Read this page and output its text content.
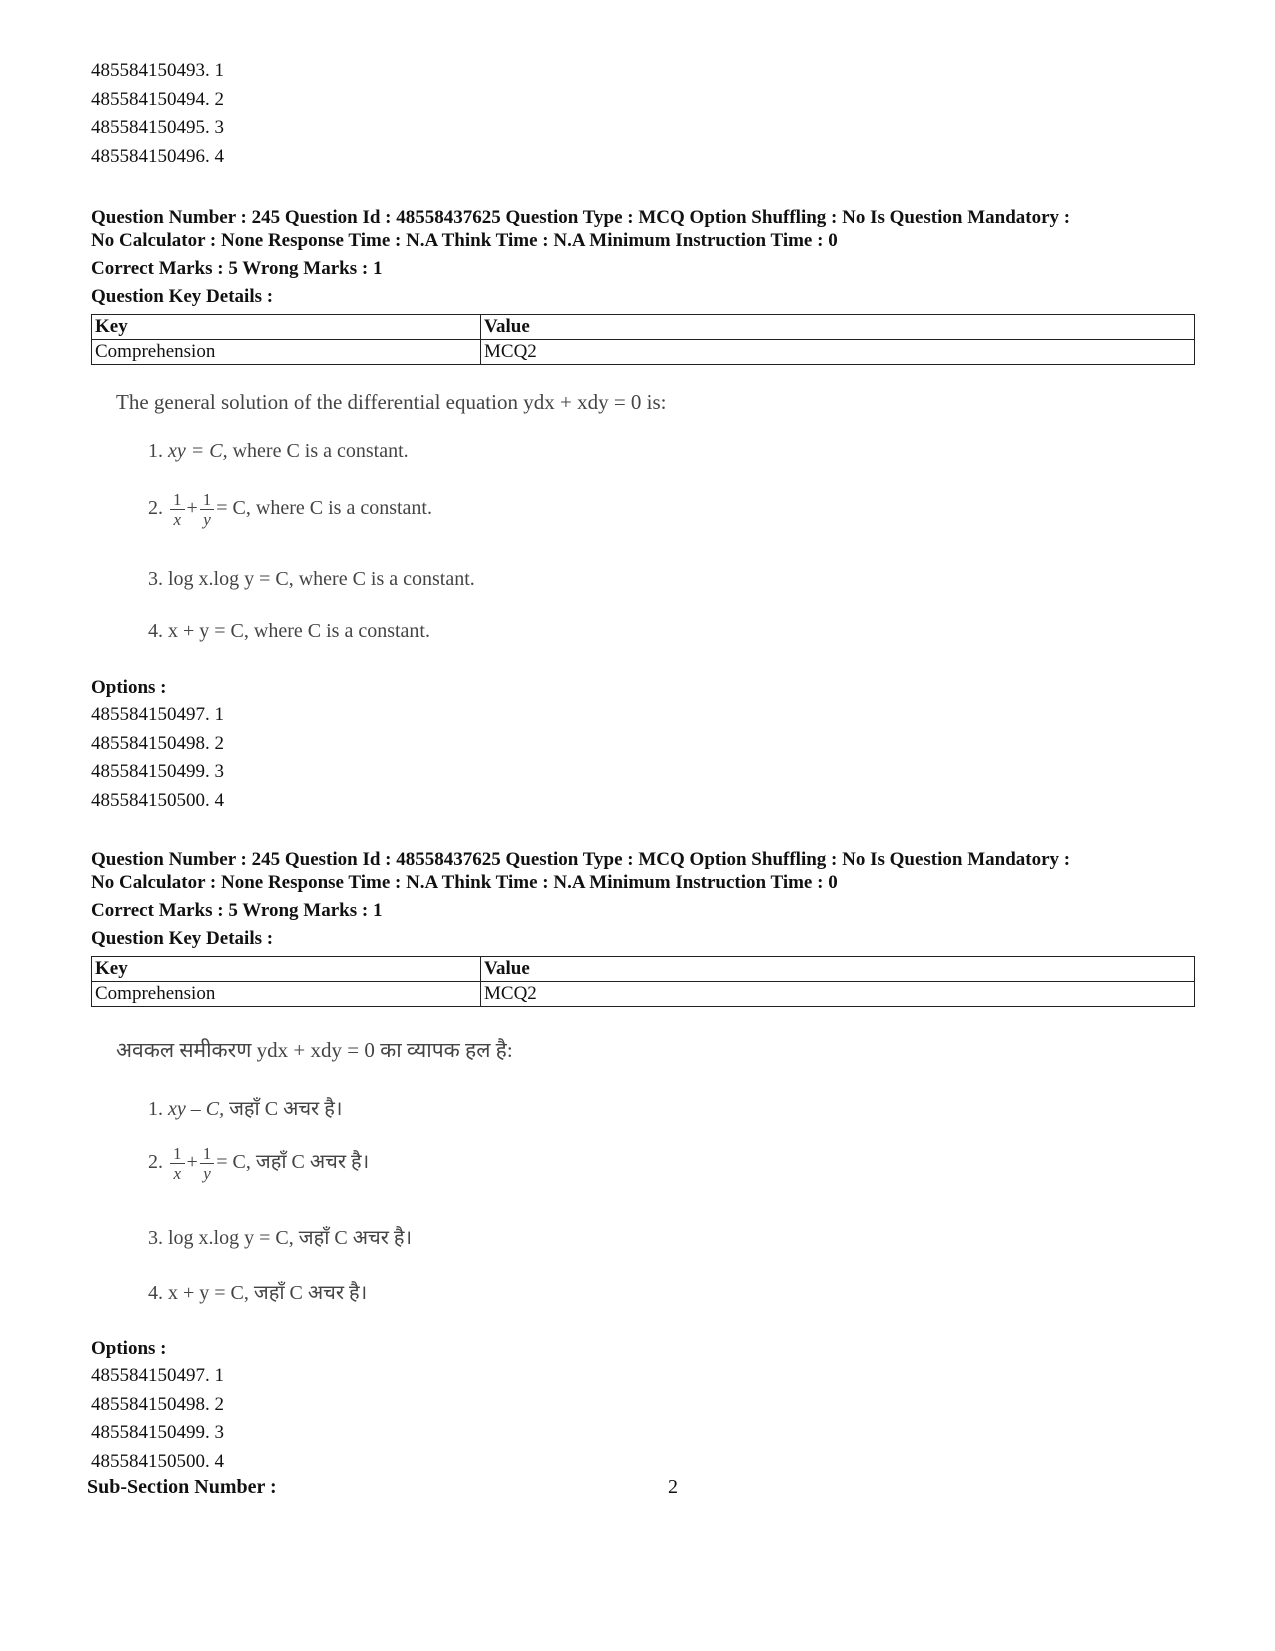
485584150493. 1
485584150494. 2
485584150495. 3
485584150496. 4
Question Number : 245 Question Id : 48558437625 Question Type : MCQ Option Shuffling : No Is Question Mandatory :
No Calculator : None Response Time : N.A Think Time : N.A Minimum Instruction Time : 0
Correct Marks : 5 Wrong Marks : 1
Question Key Details :
Key	Value
Comprehension	MCQ2
The general solution of the differential equation ydx + xdy = 0 is:
1. xy = C, where C is a constant.
2. $\frac{1}{x} + \frac{1}{y} = C$, where C is a constant.
3. log x.log y = C, where C is a constant.
4. x + y = C, where C is a constant.
Options :
485584150497. 1
485584150498. 2
485584150499. 3
485584150500. 4
Question Number : 245 Question Id : 48558437625 Question Type : MCQ Option Shuffling : No Is Question Mandatory :
No Calculator : None Response Time : N.A Think Time : N.A Minimum Instruction Time : 0
Correct Marks : 5 Wrong Marks : 1
Question Key Details :
Key	Value
Comprehension	MCQ2
अवकल समीकरण ydx + xdy = 0 का व्यापक हल है:
1. xy – C, जहाँ C अचर है।
2. $\frac{1}{x} + \frac{1}{y} = C$, जहाँ C अचर है।
3. log x.log y = C, जहाँ C अचर है।
4. x + y = C, जहाँ C अचर है।
Options :
485584150497. 1
485584150498. 2
485584150499. 3
485584150500. 4
Sub-Section Number :	2
